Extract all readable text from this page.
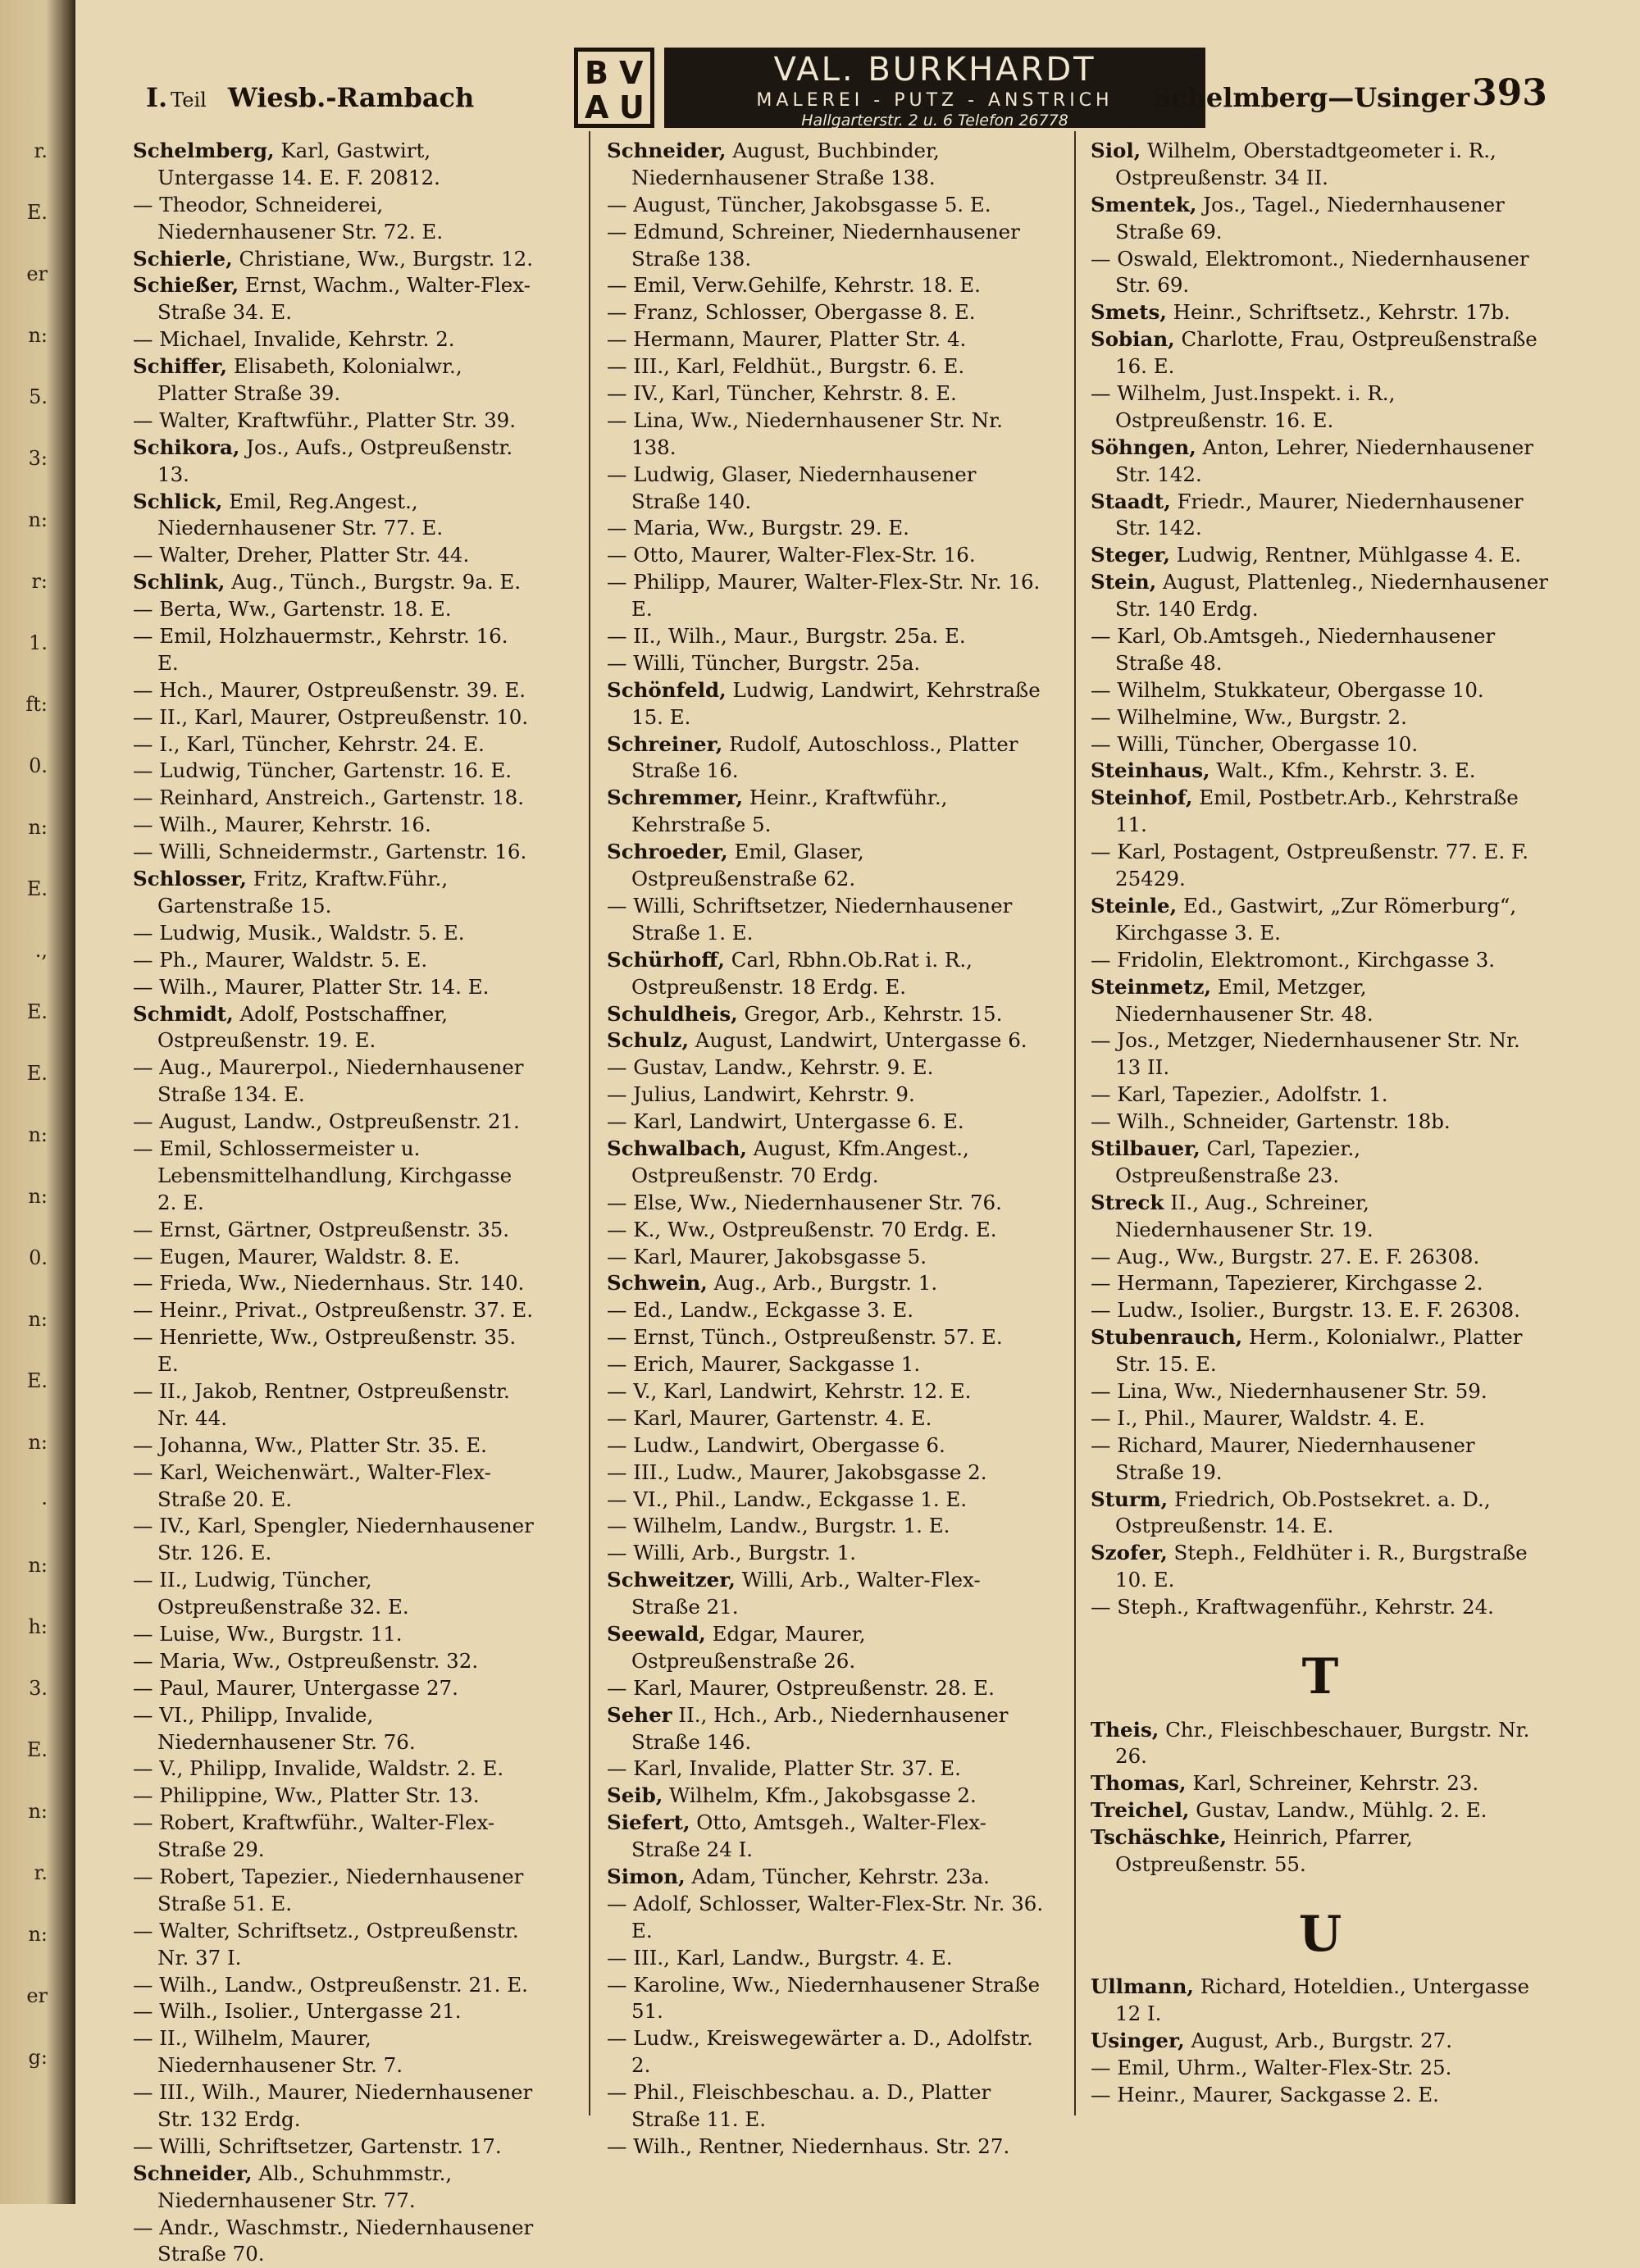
r.
E.
er
n:
5.
3:
n:
r:
1.
ft:
0.
n:
E.
.,
E.
E.
n:
n:
0.
n:
E.
n:
·
n:
h:
3.
E.
n:
r.
n:
er
g:
I. Teil Wiesb.-Rambach
B V
A U
VAL. BURKHARDT
MALEREI - PUTZ - ANSTRICH
Hallgarterstr. 2 u. 6 Telefon 26778
Schelmberg—Usinger 393

Schelmberg, Karl, Gastwirt, Untergasse 14. E. F. 20812.

— Theodor, Schneiderei, Niedernhausener Str. 72. E.

Schierle, Christiane, Ww., Burgstr. 12.

Schießer, Ernst, Wachm., Walter-Flex-Straße 34. E.

— Michael, Invalide, Kehrstr. 2.

Schiffer, Elisabeth, Kolonialwr., Platter Straße 39.

— Walter, Kraftwführ., Platter Str. 39.

Schikora, Jos., Aufs., Ostpreußenstr. 13.

Schlick, Emil, Reg.Angest., Niedernhausener Str. 77. E.

— Walter, Dreher, Platter Str. 44.

Schlink, Aug., Tünch., Burgstr. 9a. E.

— Berta, Ww., Gartenstr. 18. E.

— Emil, Holzhauermstr., Kehrstr. 16. E.

— Hch., Maurer, Ostpreußenstr. 39. E.

— II., Karl, Maurer, Ostpreußenstr. 10.

— I., Karl, Tüncher, Kehrstr. 24. E.

— Ludwig, Tüncher, Gartenstr. 16. E.

— Reinhard, Anstreich., Gartenstr. 18.

— Wilh., Maurer, Kehrstr. 16.

— Willi, Schneidermstr., Gartenstr. 16.

Schlosser, Fritz, Kraftw.Führ., Gartenstraße 15.

— Ludwig, Musik., Waldstr. 5. E.

— Ph., Maurer, Waldstr. 5. E.

— Wilh., Maurer, Platter Str. 14. E.

Schmidt, Adolf, Postschaffner, Ostpreußenstr. 19. E.

— Aug., Maurerpol., Niedernhausener Straße 134. E.

— August, Landw., Ostpreußenstr. 21.

— Emil, Schlossermeister u. Lebensmittelhandlung, Kirchgasse 2. E.

— Ernst, Gärtner, Ostpreußenstr. 35.

— Eugen, Maurer, Waldstr. 8. E.

— Frieda, Ww., Niedernhaus. Str. 140.

— Heinr., Privat., Ostpreußenstr. 37. E.

— Henriette, Ww., Ostpreußenstr. 35. E.

— II., Jakob, Rentner, Ostpreußenstr. Nr. 44.

— Johanna, Ww., Platter Str. 35. E.

— Karl, Weichenwärt., Walter-Flex-Straße 20. E.

— IV., Karl, Spengler, Niedernhausener Str. 126. E.

— II., Ludwig, Tüncher, Ostpreußenstraße 32. E.

— Luise, Ww., Burgstr. 11.

— Maria, Ww., Ostpreußenstr. 32.

— Paul, Maurer, Untergasse 27.

— VI., Philipp, Invalide, Niedernhausener Str. 76.

— V., Philipp, Invalide, Waldstr. 2. E.

— Philippine, Ww., Platter Str. 13.

— Robert, Kraftwführ., Walter-Flex-Straße 29.

— Robert, Tapezier., Niedernhausener Straße 51. E.

— Walter, Schriftsetz., Ostpreußenstr. Nr. 37 I.

— Wilh., Landw., Ostpreußenstr. 21. E.

— Wilh., Isolier., Untergasse 21.

— II., Wilhelm, Maurer, Niedernhausener Str. 7.

— III., Wilh., Maurer, Niedernhausener Str. 132 Erdg.

— Willi, Schriftsetzer, Gartenstr. 17.

Schneider, Alb., Schuhmmstr., Niedernhausener Str. 77.

— Andr., Waschmstr., Niedernhausener Straße 70.

Schneider, August, Buchbinder, Niedernhausener Straße 138.

— August, Tüncher, Jakobsgasse 5. E.

— Edmund, Schreiner, Niedernhausener Straße 138.

— Emil, Verw.Gehilfe, Kehrstr. 18. E.

— Franz, Schlosser, Obergasse 8. E.

— Hermann, Maurer, Platter Str. 4.

— III., Karl, Feldhüt., Burgstr. 6. E.

— IV., Karl, Tüncher, Kehrstr. 8. E.

— Lina, Ww., Niedernhausener Str. Nr. 138.

— Ludwig, Glaser, Niedernhausener Straße 140.

— Maria, Ww., Burgstr. 29. E.

— Otto, Maurer, Walter-Flex-Str. 16.

— Philipp, Maurer, Walter-Flex-Str. Nr. 16. E.

— II., Wilh., Maur., Burgstr. 25a. E.

— Willi, Tüncher, Burgstr. 25a.

Schönfeld, Ludwig, Landwirt, Kehrstraße 15. E.

Schreiner, Rudolf, Autoschloss., Platter Straße 16.

Schremmer, Heinr., Kraftwführ., Kehrstraße 5.

Schroeder, Emil, Glaser, Ostpreußenstraße 62.

— Willi, Schriftsetzer, Niedernhausener Straße 1. E.

Schürhoff, Carl, Rbhn.Ob.Rat i. R., Ostpreußenstr. 18 Erdg. E.

Schuldheis, Gregor, Arb., Kehrstr. 15.

Schulz, August, Landwirt, Untergasse 6.

— Gustav, Landw., Kehrstr. 9. E.

— Julius, Landwirt, Kehrstr. 9.

— Karl, Landwirt, Untergasse 6. E.

Schwalbach, August, Kfm.Angest., Ostpreußenstr. 70 Erdg.

— Else, Ww., Niedernhausener Str. 76.

— K., Ww., Ostpreußenstr. 70 Erdg. E.

— Karl, Maurer, Jakobsgasse 5.

Schwein, Aug., Arb., Burgstr. 1.

— Ed., Landw., Eckgasse 3. E.

— Ernst, Tünch., Ostpreußenstr. 57. E.

— Erich, Maurer, Sackgasse 1.

— V., Karl, Landwirt, Kehrstr. 12. E.

— Karl, Maurer, Gartenstr. 4. E.

— Ludw., Landwirt, Obergasse 6.

— III., Ludw., Maurer, Jakobsgasse 2.

— VI., Phil., Landw., Eckgasse 1. E.

— Wilhelm, Landw., Burgstr. 1. E.

— Willi, Arb., Burgstr. 1.

Schweitzer, Willi, Arb., Walter-Flex-Straße 21.

Seewald, Edgar, Maurer, Ostpreußenstraße 26.

— Karl, Maurer, Ostpreußenstr. 28. E.

Seher II., Hch., Arb., Niedernhausener Straße 146.

— Karl, Invalide, Platter Str. 37. E.

Seib, Wilhelm, Kfm., Jakobsgasse 2.

Siefert, Otto, Amtsgeh., Walter-Flex-Straße 24 I.

Simon, Adam, Tüncher, Kehrstr. 23a.

— Adolf, Schlosser, Walter-Flex-Str. Nr. 36. E.

— III., Karl, Landw., Burgstr. 4. E.

— Karoline, Ww., Niedernhausener Straße 51.

— Ludw., Kreiswegewärter a. D., Adolfstr. 2.

— Phil., Fleischbeschau. a. D., Platter Straße 11. E.

— Wilh., Rentner, Niedernhaus. Str. 27.

Siol, Wilhelm, Oberstadtgeometer i. R., Ostpreußenstr. 34 II.

Smentek, Jos., Tagel., Niedernhausener Straße 69.

— Oswald, Elektromont., Niedernhausener Str. 69.

Smets, Heinr., Schriftsetz., Kehrstr. 17b.

Sobian, Charlotte, Frau, Ostpreußenstraße 16. E.

— Wilhelm, Just.Inspekt. i. R., Ostpreußenstr. 16. E.

Söhngen, Anton, Lehrer, Niedernhausener Str. 142.

Staadt, Friedr., Maurer, Niedernhausener Str. 142.

Steger, Ludwig, Rentner, Mühlgasse 4. E.

Stein, August, Plattenleg., Niedernhausener Str. 140 Erdg.

— Karl, Ob.Amtsgeh., Niedernhausener Straße 48.

— Wilhelm, Stukkateur, Obergasse 10.

— Wilhelmine, Ww., Burgstr. 2.

— Willi, Tüncher, Obergasse 10.

Steinhaus, Walt., Kfm., Kehrstr. 3. E.

Steinhof, Emil, Postbetr.Arb., Kehrstraße 11.

— Karl, Postagent, Ostpreußenstr. 77. E. F. 25429.

Steinle, Ed., Gastwirt, „Zur Römerburg“, Kirchgasse 3. E.

— Fridolin, Elektromont., Kirchgasse 3.

Steinmetz, Emil, Metzger, Niedernhausener Str. 48.

— Jos., Metzger, Niedernhausener Str. Nr. 13 II.

— Karl, Tapezier., Adolfstr. 1.

— Wilh., Schneider, Gartenstr. 18b.

Stilbauer, Carl, Tapezier., Ostpreußenstraße 23.

Streck II., Aug., Schreiner, Niedernhausener Str. 19.

— Aug., Ww., Burgstr. 27. E. F. 26308.

— Hermann, Tapezierer, Kirchgasse 2.

— Ludw., Isolier., Burgstr. 13. E. F. 26308.

Stubenrauch, Herm., Kolonialwr., Platter Str. 15. E.

— Lina, Ww., Niedernhausener Str. 59.

— I., Phil., Maurer, Waldstr. 4. E.

— Richard, Maurer, Niedernhausener Straße 19.

Sturm, Friedrich, Ob.Postsekret. a. D., Ostpreußenstr. 14. E.

Szofer, Steph., Feldhüter i. R., Burgstraße 10. E.

— Steph., Kraftwagenführ., Kehrstr. 24.

T

Theis, Chr., Fleischbeschauer, Burgstr. Nr. 26.

Thomas, Karl, Schreiner, Kehrstr. 23.

Treichel, Gustav, Landw., Mühlg. 2. E.

Tschäschke, Heinrich, Pfarrer, Ostpreußenstr. 55.

U

Ullmann, Richard, Hoteldien., Untergasse 12 I.

Usinger, August, Arb., Burgstr. 27.

— Emil, Uhrm., Walter-Flex-Str. 25.

— Heinr., Maurer, Sackgasse 2. E.
